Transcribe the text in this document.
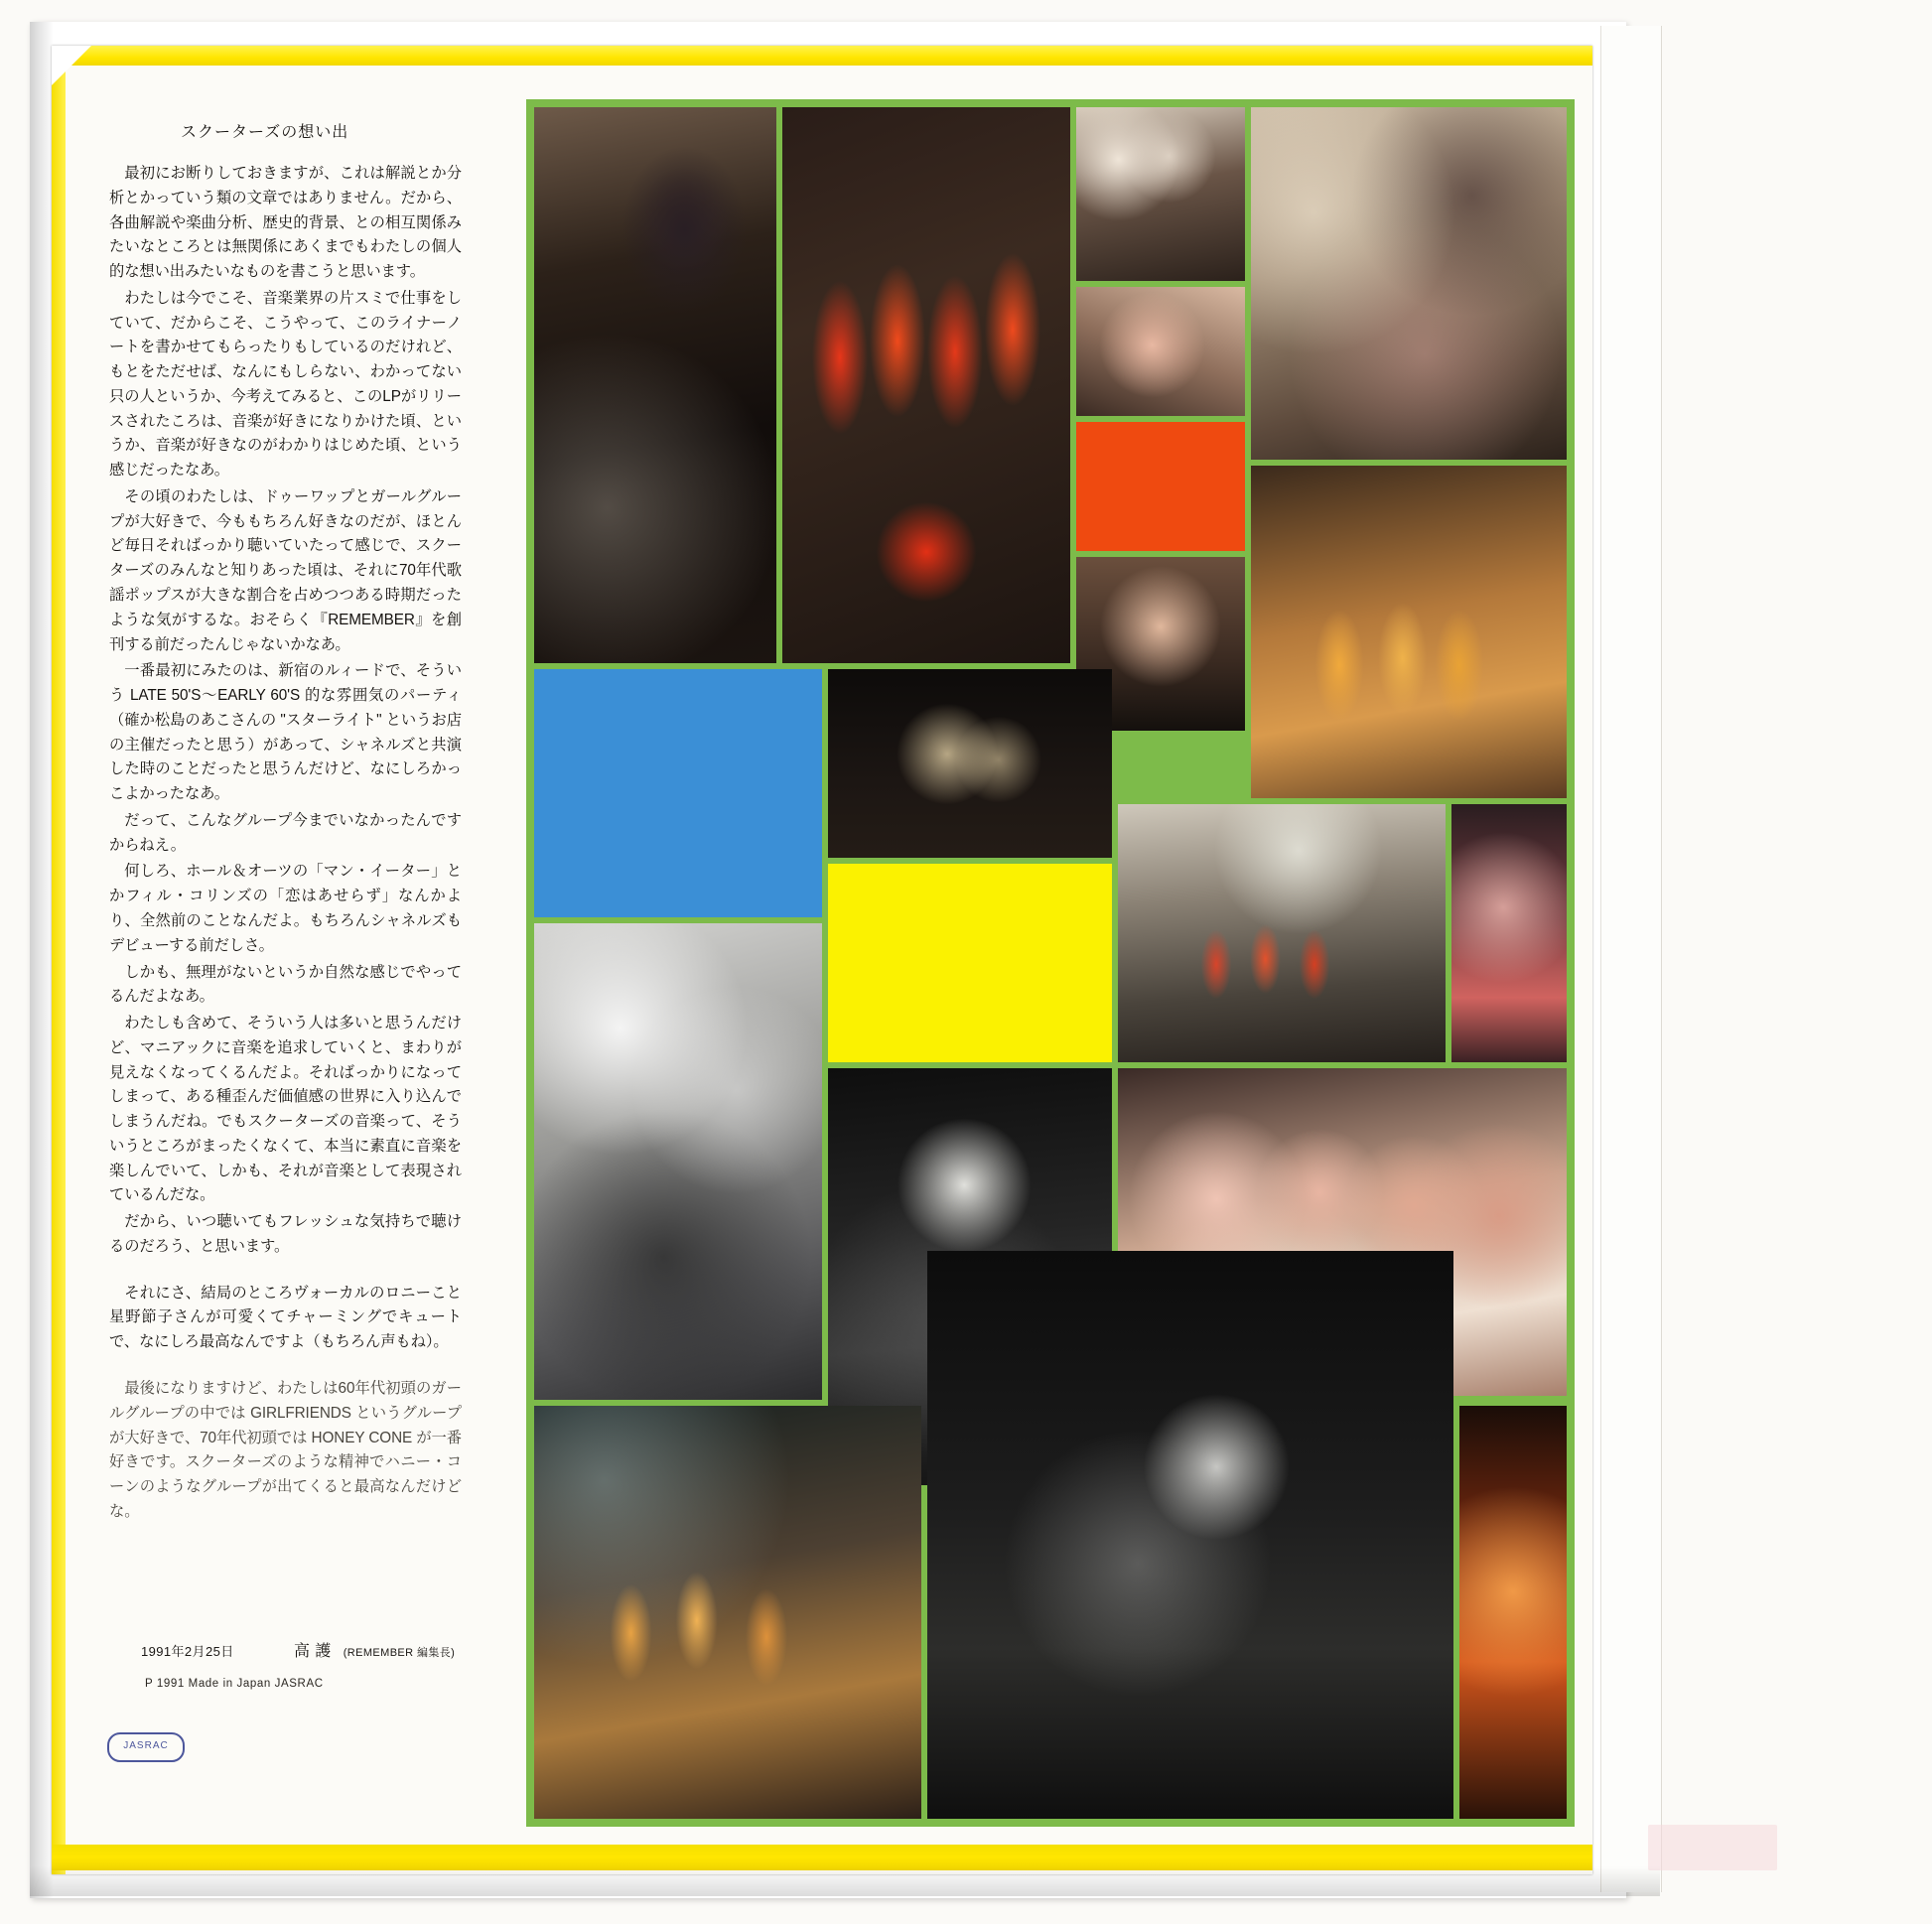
スクーターズの想い出

最初にお断りしておきますが、これは解説とか分析とかっていう類の文章ではありません。だから、各曲解説や楽曲分析、歴史的背景、との相互関係みたいなところとは無関係にあくまでもわたしの個人的な想い出みたいなものを書こうと思います。

わたしは今でこそ、音楽業界の片スミで仕事をしていて、だからこそ、こうやって、このライナーノートを書かせてもらったりもしているのだけれど、もとをただせば、なんにもしらない、わかってない只の人というか、今考えてみると、このLPがリリースされたころは、音楽が好きになりかけた頃、というか、音楽が好きなのがわかりはじめた頃、という感じだったなあ。

その頃のわたしは、ドゥーワップとガールグループが大好きで、今ももちろん好きなのだが、ほとんど毎日そればっかり聴いていたって感じで、スクーターズのみんなと知りあった頃は、それに70年代歌謡ポップスが大きな割合を占めつつある時期だったような気がするな。おそらく『REMEMBER』を創刊する前だったんじゃないかなあ。

一番最初にみたのは、新宿のルィードで、そういう LATE 50'S〜EARLY 60'S 的な雰囲気のパーティ（確か松島のあこさんの "スターライト" というお店の主催だったと思う）があって、シャネルズと共演した時のことだったと思うんだけど、なにしろかっこよかったなあ。

だって、こんなグループ今までいなかったんですからねえ。

何しろ、ホール＆オーツの「マン・イーター」とかフィル・コリンズの「恋はあせらず」なんかより、全然前のことなんだよ。もちろんシャネルズもデビューする前だしさ。

しかも、無理がないというか自然な感じでやってるんだよなあ。

わたしも含めて、そういう人は多いと思うんだけど、マニアックに音楽を追求していくと、まわりが見えなくなってくるんだよ。そればっかりになってしまって、ある種歪んだ価値感の世界に入り込んでしまうんだね。でもスクーターズの音楽って、そういうところがまったくなくて、本当に素直に音楽を楽しんでいて、しかも、それが音楽として表現されているんだな。

だから、いつ聴いてもフレッシュな気持ちで聴けるのだろう、と思います。

それにさ、結局のところヴォーカルのロニーこと星野節子さんが可愛くてチャーミングでキュートで、なにしろ最高なんですよ（もちろん声もね）。

最後になりますけど、わたしは60年代初頭のガールグループの中では GIRLFRIENDS というグループが大好きで、70年代初頭では HONEY CONE が一番好きです。スクーターズのような精神でハニー・コーンのようなグループが出てくると最高なんだけどな。

1991年2月25日	高 護 (REMEMBER 編集長)
P 1991 Made in Japan JASRAC
JASRAC
